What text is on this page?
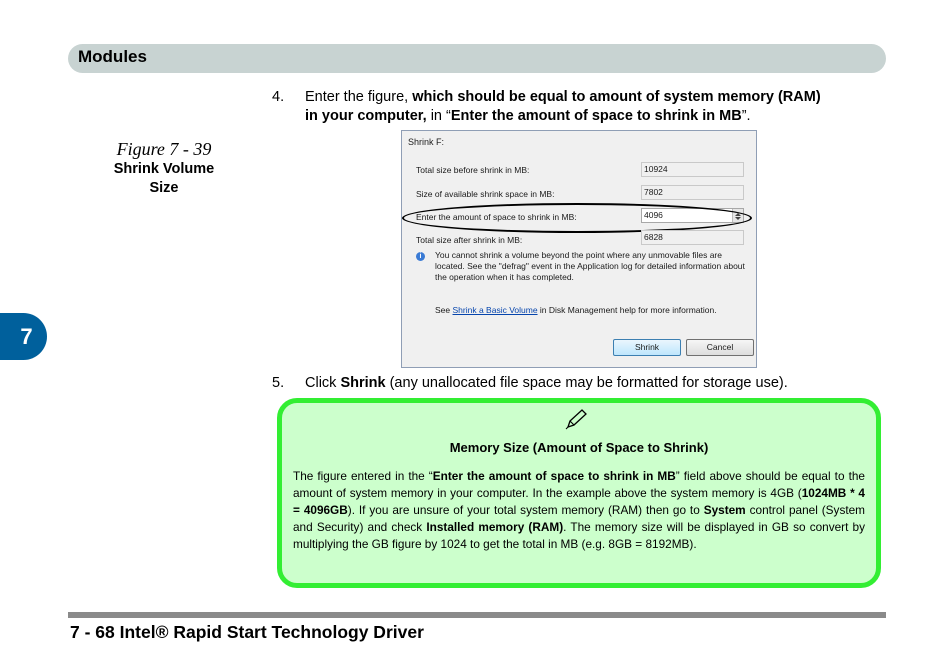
Modules
7
4. Enter the figure, which should be equal to amount of system memory (RAM)
in your computer, in “Enter the amount of space to shrink in MB”.
Figure 7 - 39
Shrink Volume
Size
Shrink F:
Total size before shrink in MB:	10924
Size of available shrink space in MB:	7802
Enter the amount of space to shrink in MB:	4096
Total size after shrink in MB:	6828
i	You cannot shrink a volume beyond the point where any unmovable files are located. See the "defrag" event in the Application log for detailed information about the operation when it has completed.
See Shrink a Basic Volume in Disk Management help for more information.
Shrink	Cancel
5. Click Shrink (any unallocated file space may be formatted for storage use).
Memory Size (Amount of Space to Shrink)
The figure entered in the “Enter the amount of space to shrink in MB” field above should be equal to the amount of system memory in your computer. In the example above the system memory is 4GB (1024MB * 4 = 4096GB). If you are unsure of your total system memory (RAM) then go to System control panel (System and Security) and check Installed memory (RAM). The memory size will be displayed in GB so convert by multiplying the GB figure by 1024 to get the total in MB (e.g. 8GB = 8192MB).
7 - 68 Intel® Rapid Start Technology Driver
